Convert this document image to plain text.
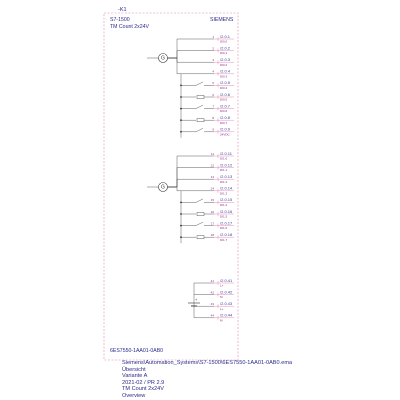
-K1
S7-1500
TM Count 2x24V
SIEMENS
G
/2.0.1
1
DI0.0
/2.0.2
2
DI0.1
/2.0.3
3
DI0.2
/2.0.4
4
DI0.3
/2.0.5
5
DI0.4
/2.0.6
6
DI0.5
/2.0.7
7
DI0.6
/2.0.8
8
DI0.7
/2.0.9
9
24VDC
G
/2.0.11
11
DI1.0
/2.0.12
12
DI1.1
/2.0.13
13
DI1.2
/2.0.14
14
DI1.3
/2.0.15
15
DI1.4
/2.0.16
16
DI1.5
/2.0.17
17
DI1.6
/2.0.18
18
DI1.7
+
/2.0.41
41
L+
/2.0.42
42
M
/2.0.43
43
L+
/2.0.44
44
M
6ES7550-1AA01-0AB0
Siemens\Automation_Systems\S7-1500\6ES7550-1AA01-0AB0.ema
Übersicht
Variante A
2021-02 / PR 2.9
TM Count 2x24V
Overview
